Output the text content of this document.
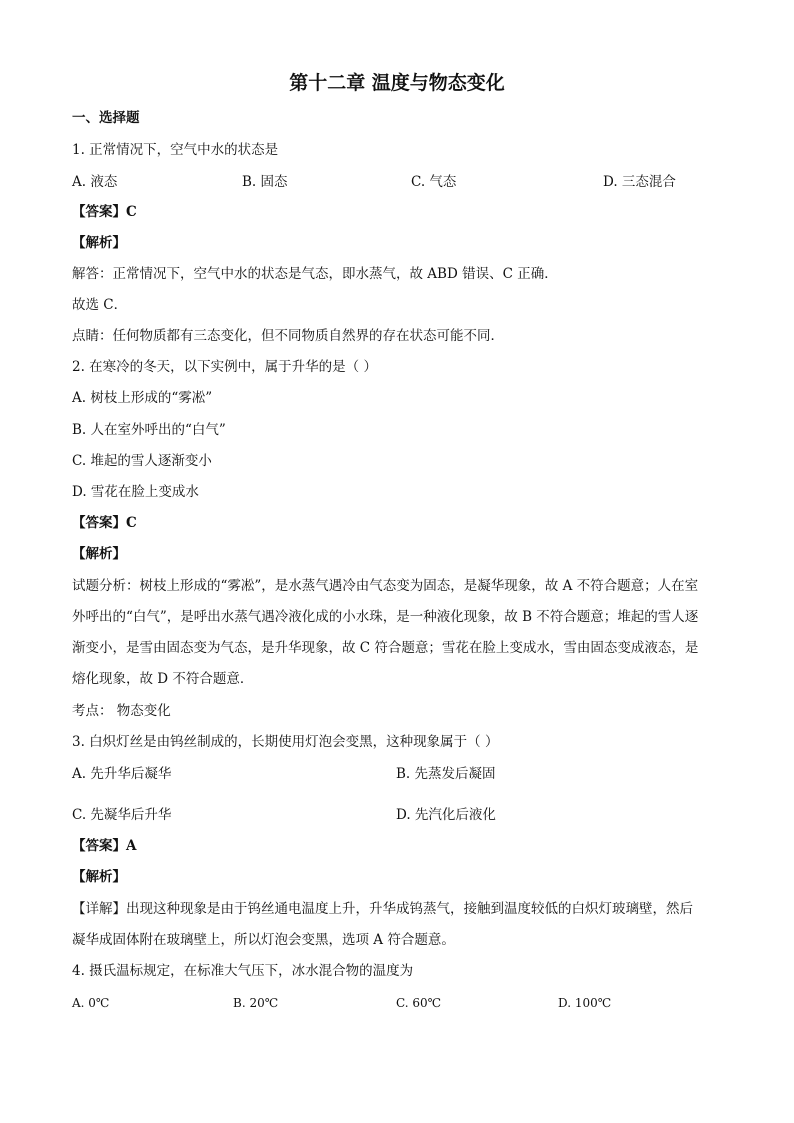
第十二章 温度与物态变化
一、选择题
1. 正常情况下，空气中水的状态是
A. 液态	B. 固态	C. 气态	D. 三态混合
【答案】C
【解析】
解答：正常情况下，空气中水的状态是气态，即水蒸气，故 ABD 错误、C 正确．
故选 C．
点睛：任何物质都有三态变化，但不同物质自然界的存在状态可能不同．
2. 在寒冷的冬天，以下实例中，属于升华的是（ ）
A. 树枝上形成的“雾凇”
B. 人在室外呼出的“白气”
C. 堆起的雪人逐渐变小
D. 雪花在脸上变成水
【答案】C
【解析】
试题分析：树枝上形成的“雾凇”，是水蒸气遇冷由气态变为固态，是凝华现象，故 A 不符合题意；人在室
外呼出的“白气”，是呼出水蒸气遇冷液化成的小水珠，是一种液化现象，故 B 不符合题意；堆起的雪人逐
渐变小，是雪由固态变为气态，是升华现象，故 C 符合题意；雪花在脸上变成水，雪由固态变成液态，是
熔化现象，故 D 不符合题意．
考点： 物态变化
3. 白炽灯丝是由钨丝制成的，长期使用灯泡会变黑，这种现象属于（ ）
A. 先升华后凝华	B. 先蒸发后凝固
C. 先凝华后升华	D. 先汽化后液化
【答案】A
【解析】
【详解】出现这种现象是由于钨丝通电温度上升，升华成钨蒸气，接触到温度较低的白炽灯玻璃壁，然后
凝华成固体附在玻璃壁上，所以灯泡会变黑，选项 A 符合题意。
4. 摄氏温标规定，在标准大气压下，冰水混合物的温度为
A. 0℃	B. 20℃	C. 60℃	D. 100℃
